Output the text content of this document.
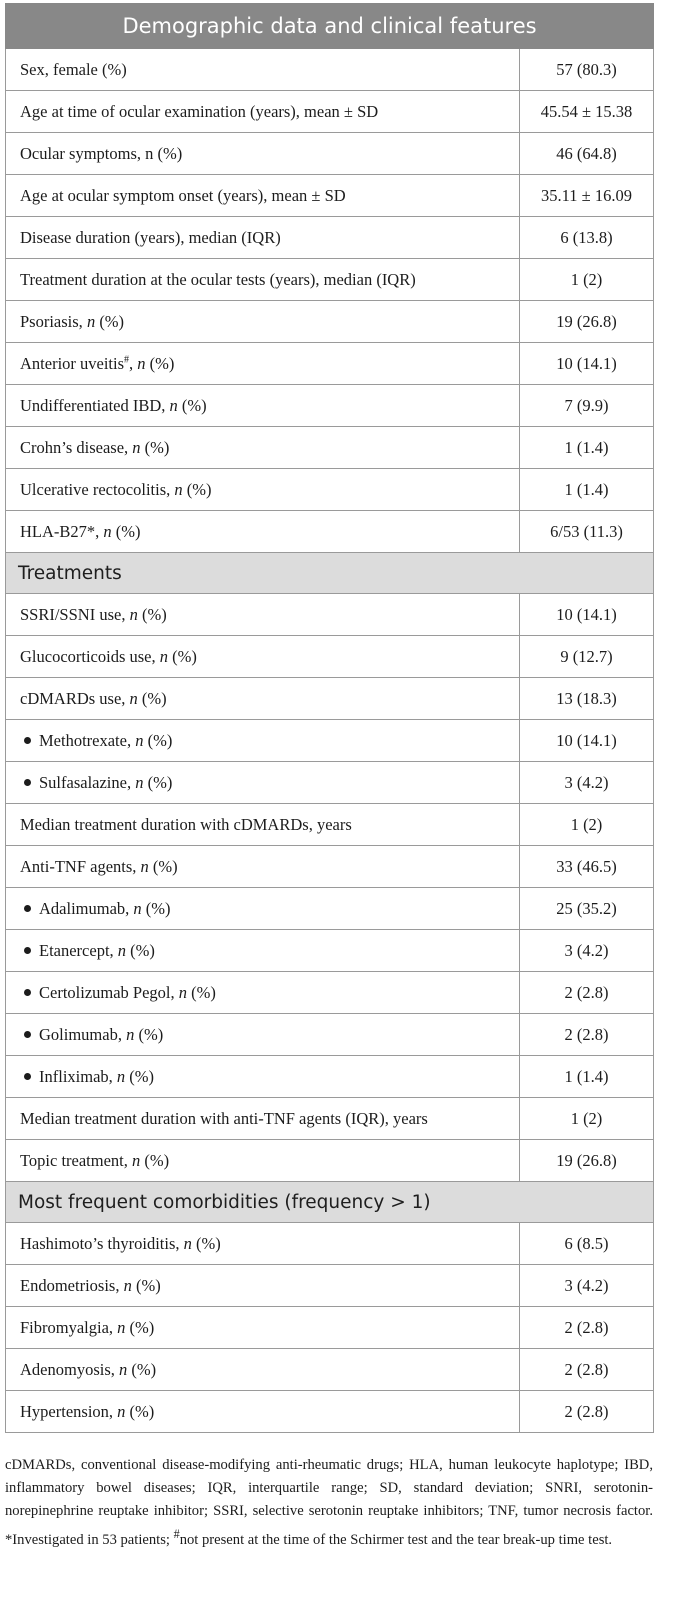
Demographic data and clinical features	
Sex, female (%)	57 (80.3)
Age at time of ocular examination (years), mean ± SD	45.54 ± 15.38
Ocular symptoms, n (%)	46 (64.8)
Age at ocular symptom onset (years), mean ± SD	35.11 ± 16.09
Disease duration (years), median (IQR)	6 (13.8)
Treatment duration at the ocular tests (years), median (IQR)	1 (2)
Psoriasis, n (%)	19 (26.8)
Anterior uveitis#, n (%)	10 (14.1)
Undifferentiated IBD, n (%)	7 (9.9)
Crohn’s disease, n (%)	1 (1.4)
Ulcerative rectocolitis, n (%)	1 (1.4)
HLA-B27*, n (%)	6/53 (11.3)
Treatments	
SSRI/SSNI use, n (%)	10 (14.1)
Glucocorticoids use, n (%)	9 (12.7)
cDMARDs use, n (%)	13 (18.3)
Methotrexate, n (%)	10 (14.1)
Sulfasalazine, n (%)	3 (4.2)
Median treatment duration with cDMARDs, years	1 (2)
Anti-TNF agents, n (%)	33 (46.5)
Adalimumab, n (%)	25 (35.2)
Etanercept, n (%)	3 (4.2)
Certolizumab Pegol, n (%)	2 (2.8)
Golimumab, n (%)	2 (2.8)
Infliximab, n (%)	1 (1.4)
Median treatment duration with anti-TNF agents (IQR), years	1 (2)
Topic treatment, n (%)	19 (26.8)
Most frequent comorbidities (frequency > 1)	
Hashimoto’s thyroiditis, n (%)	6 (8.5)
Endometriosis, n (%)	3 (4.2)
Fibromyalgia, n (%)	2 (2.8)
Adenomyosis, n (%)	2 (2.8)
Hypertension, n (%)	2 (2.8)

cDMARDs, conventional disease-modifying anti-rheumatic drugs; HLA, human leukocyte haplotype; IBD, inflammatory bowel diseases; IQR, interquartile range; SD, standard deviation; SNRI, serotonin-norepinephrine reuptake inhibitor; SSRI, selective serotonin reuptake inhibitors; TNF, tumor necrosis factor. *Investigated in 53 patients; #not present at the time of the Schirmer test and the tear break-up time test.
